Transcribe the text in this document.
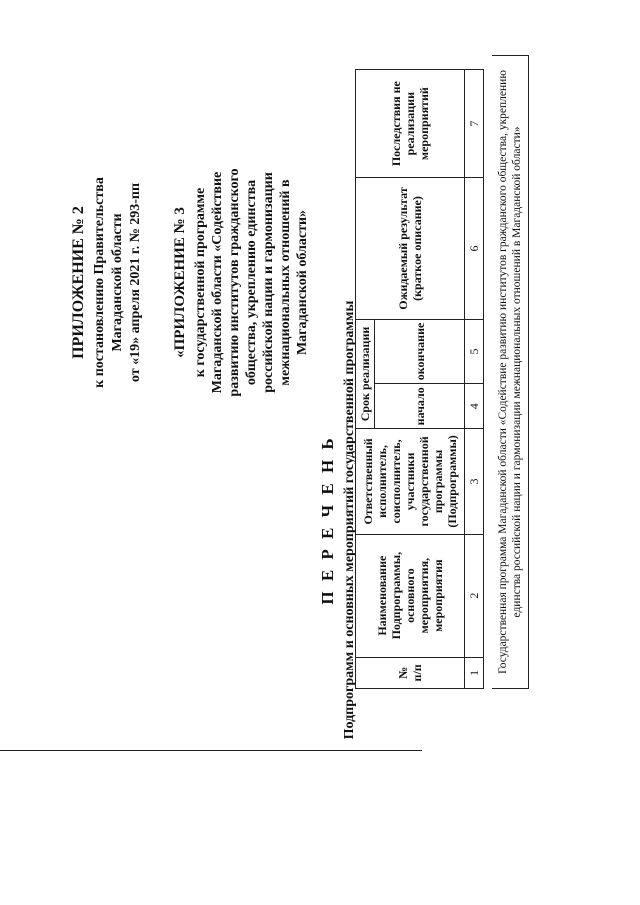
ПРИЛОЖЕНИЕ № 2 к постановлению Правительства Магаданской области от «19» апреля 2021 г. № 293-пп «ПРИЛОЖЕНИЕ № 3 к государственной программе Магаданской области «Содействие развитию институтов гражданского общества, укреплению единства российской нации и гармонизации межнациональных отношений в Магаданской области»
П Е Р Е Ч Е Н Ь Подпрограмм и основных мероприятий государственной программы	№ п/п	Наименование Подпрограммы, основного мероприятия, мероприятия	Ответственный исполнитель, соисполнитель, участники государственной программы (Подпрограммы)	Срок реализации		Ожидаемый результат (краткое описание)	Последствия не реализации мероприятий
			начало	окончание		
1	2	3	4	5	6	7	Государственная программа Магаданской области «Содействие развитию институтов гражданского общества, укреплению единства российской нации и гармонизации межнациональных отношений в Магаданской области»
